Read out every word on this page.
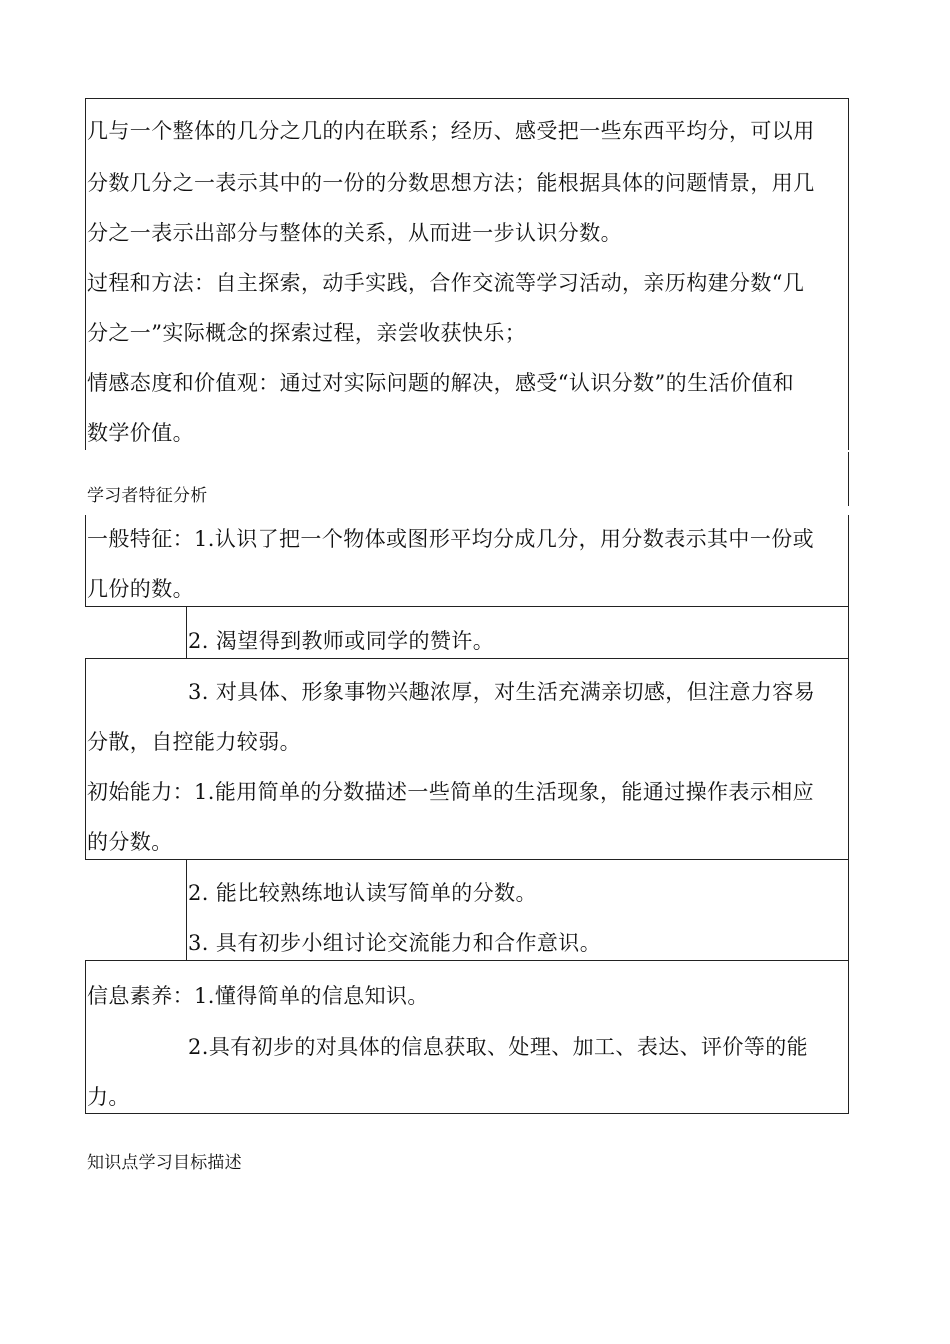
几与一个整体的几分之几的内在联系；经历、感受把一些东西平均分，可以用
分数几分之一表示其中的一份的分数思想方法；能根据具体的问题情景，用几
分之一表示出部分与整体的关系，从而进一步认识分数。
过程和方法：自主探索，动手实践，合作交流等学习活动，亲历构建分数“几
分之一”实际概念的探索过程，亲尝收获快乐；
情感态度和价值观：通过对实际问题的解决，感受“认识分数”的生活价值和
数学价值。
学习者特征分析
一般特征：1.认识了把一个物体或图形平均分成几分，用分数表示其中一份或
几份的数。
2. 渴望得到教师或同学的赞许。
3. 对具体、形象事物兴趣浓厚，对生活充满亲切感，但注意力容易
分散，自控能力较弱。
初始能力：1.能用简单的分数描述一些简单的生活现象，能通过操作表示相应
的分数。
2. 能比较熟练地认读写简单的分数。
3. 具有初步小组讨论交流能力和合作意识。
信息素养：1.懂得简单的信息知识。
2.具有初步的对具体的信息获取、处理、加工、表达、评价等的能
力。
知识点学习目标描述
